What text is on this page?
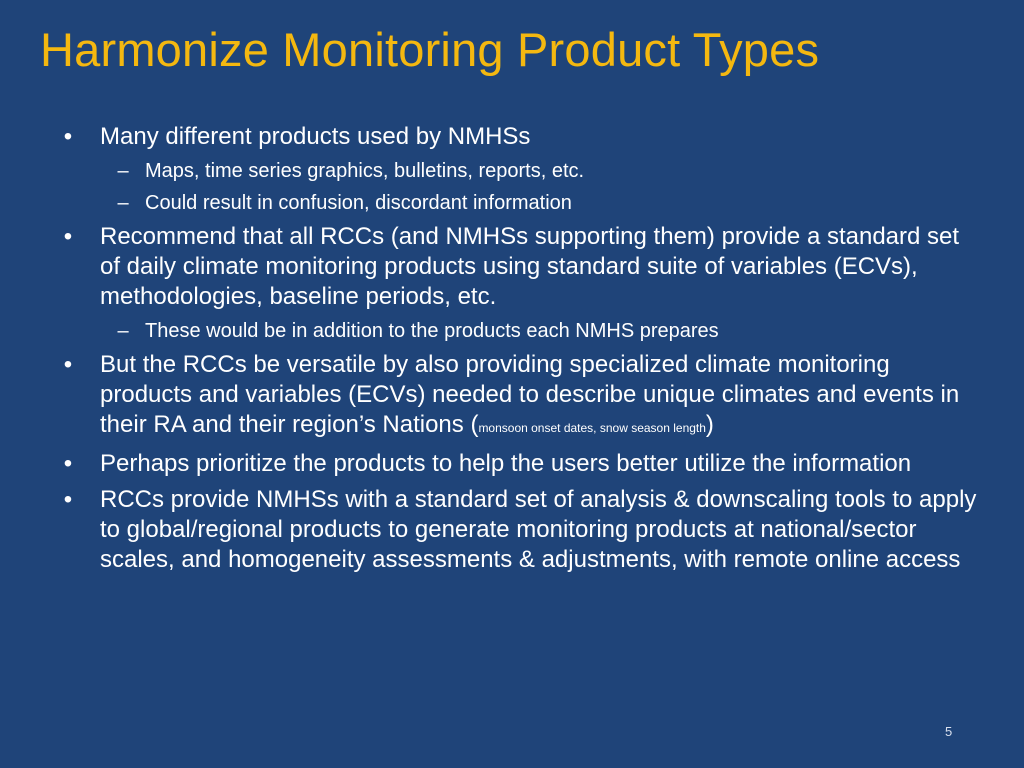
Harmonize Monitoring Product Types
• Many different products used by NMHSs
– Maps, time series graphics, bulletins, reports, etc.
– Could result in confusion, discordant information
• Recommend that all RCCs (and NMHSs supporting them) provide a standard set of daily climate monitoring products using standard suite of variables (ECVs), methodologies, baseline periods, etc.
– These would be in addition to the products each NMHS prepares
• But the RCCs be versatile by also providing specialized climate monitoring products and variables (ECVs) needed to describe unique climates and events in their RA and their region’s Nations (monsoon onset dates, snow season length)
• Perhaps prioritize the products to help the users better utilize the information
• RCCs provide NMHSs with a standard set of analysis & downscaling tools to apply to global/regional products to generate monitoring products at national/sector scales, and homogeneity assessments & adjustments, with remote online access
5
